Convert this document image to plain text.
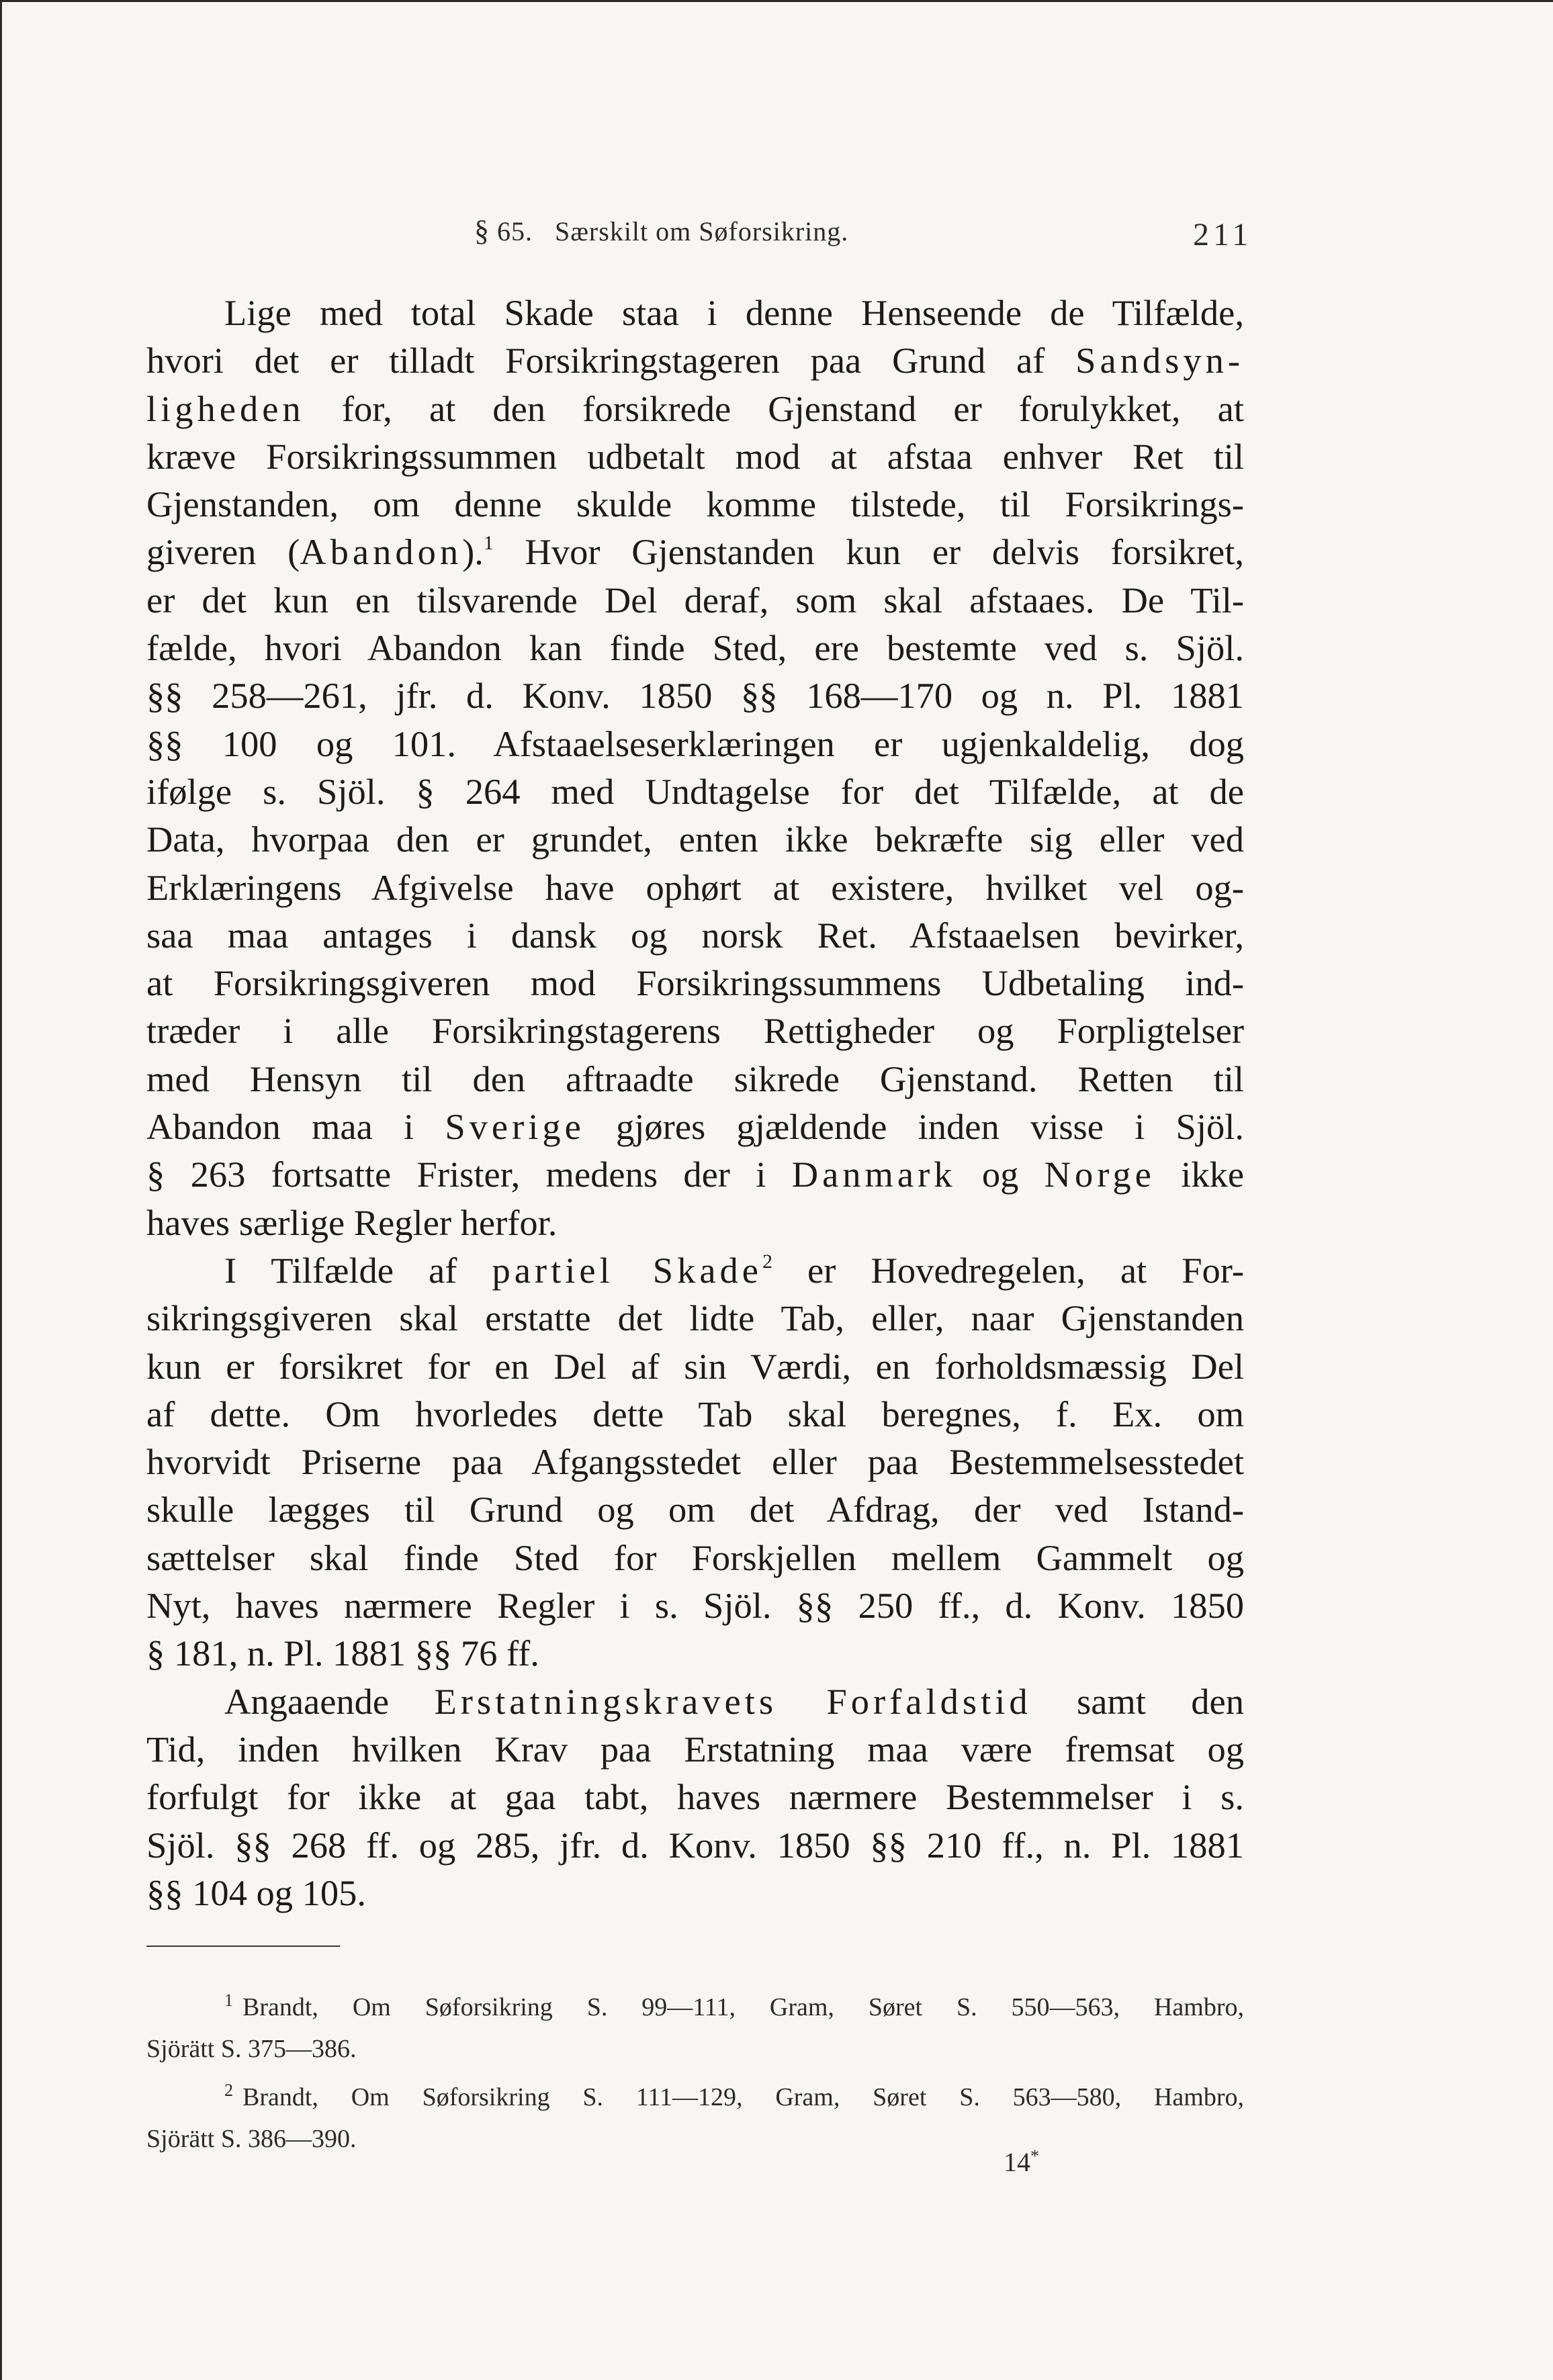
§ 65. Særskilt om Søforsikring.	211

Lige med total Skade staa i denne Henseende de Tilfælde,
hvori det er tilladt Forsikringstageren paa Grund af Sandsyn-
ligheden for, at den forsikrede Gjenstand er forulykket, at
kræve Forsikringssummen udbetalt mod at afstaa enhver Ret til
Gjenstanden, om denne skulde komme tilstede, til Forsikrings-
giveren (Abandon).$^1$ Hvor Gjenstanden kun er delvis forsikret,
er det kun en tilsvarende Del deraf, som skal afstaaes. De Til-
fælde, hvori Abandon kan finde Sted, ere bestemte ved s. Sjöl.
§§ 258—261, jfr. d. Konv. 1850 §§ 168—170 og n. Pl. 1881
§§ 100 og 101. Afstaaelseserklæringen er ugjenkaldelig, dog
ifølge s. Sjöl. § 264 med Undtagelse for det Tilfælde, at de
Data, hvorpaa den er grundet, enten ikke bekræfte sig eller ved
Erklæringens Afgivelse have ophørt at existere, hvilket vel og-
saa maa antages i dansk og norsk Ret. Afstaaelsen bevirker,
at Forsikringsgiveren mod Forsikringssummens Udbetaling ind-
træder i alle Forsikringstagerens Rettigheder og Forpligtelser
med Hensyn til den aftraadte sikrede Gjenstand. Retten til
Abandon maa i Sverige gjøres gjældende inden visse i Sjöl.
§ 263 fortsatte Frister, medens der i Danmark og Norge ikke
haves særlige Regler herfor.

I Tilfælde af partiel Skade$^2$ er Hovedregelen, at For-
sikringsgiveren skal erstatte det lidte Tab, eller, naar Gjenstanden
kun er forsikret for en Del af sin Værdi, en forholdsmæssig Del
af dette. Om hvorledes dette Tab skal beregnes, f. Ex. om
hvorvidt Priserne paa Afgangsstedet eller paa Bestemmelsesstedet
skulle lægges til Grund og om det Afdrag, der ved Istand-
sættelser skal finde Sted for Forskjellen mellem Gammelt og
Nyt, haves nærmere Regler i s. Sjöl. §§ 250 ff., d. Konv. 1850
§ 181, n. Pl. 1881 §§ 76 ff.

Angaaende Erstatningskravets Forfaldstid samt den
Tid, inden hvilken Krav paa Erstatning maa være fremsat og
forfulgt for ikke at gaa tabt, haves nærmere Bestemmelser i s.
Sjöl. §§ 268 ff. og 285, jfr. d. Konv. 1850 §§ 210 ff., n. Pl. 1881
§§ 104 og 105.

$^1$ Brandt, Om Søforsikring S. 99—111, Gram, Søret S. 550—563, Hambro,
Sjörätt S. 375—386.
$^2$ Brandt, Om Søforsikring S. 111—129, Gram, Søret S. 563—580, Hambro,
Sjörätt S. 386—390.
14*
